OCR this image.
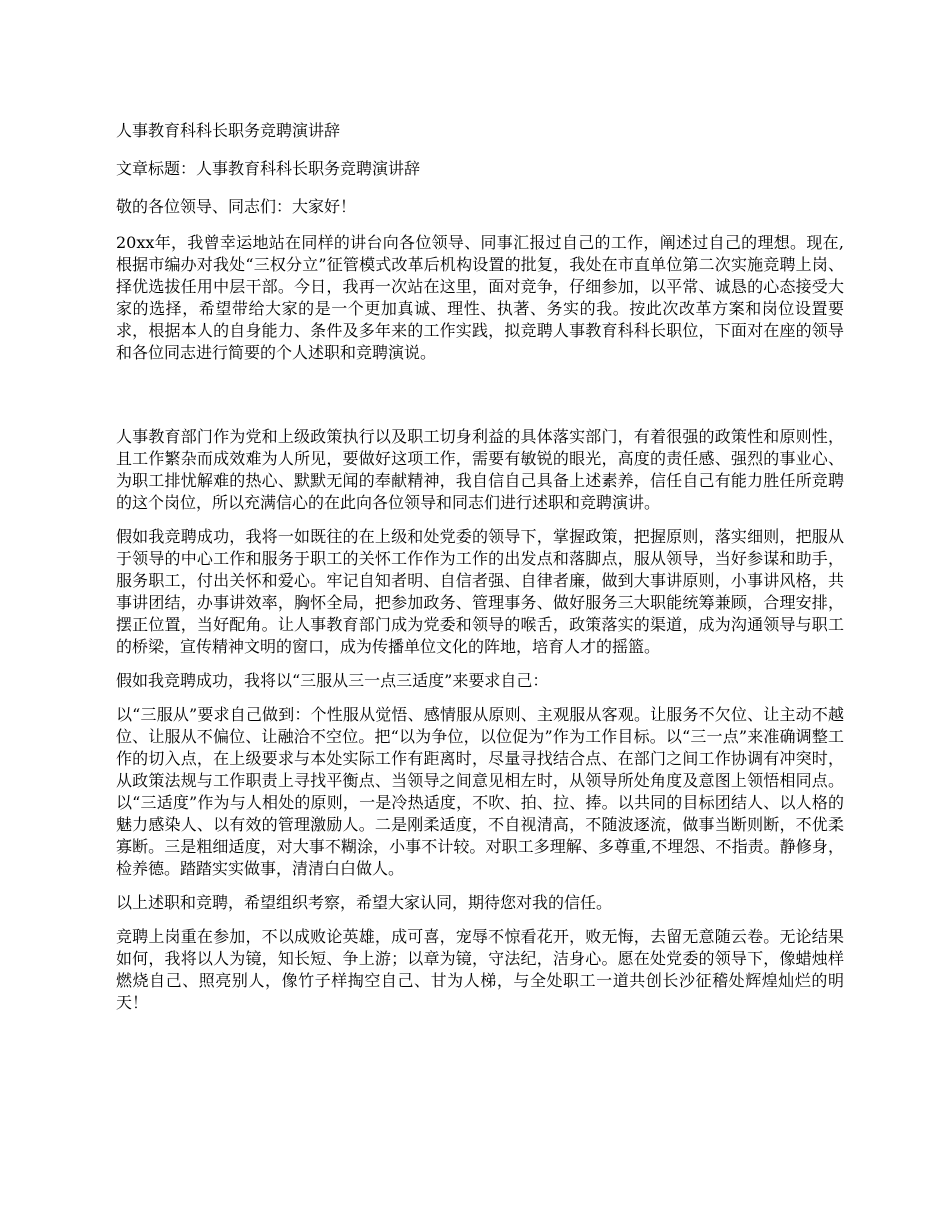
人事教育科科长职务竞聘演讲辞
文章标题：人事教育科科长职务竞聘演讲辞
敬的各位领导、同志们：大家好！

20xx年，我曾幸运地站在同样的讲台向各位领导、同事汇报过自己的工作，阐述过自己的理想。现在,根据市编办对我处“三权分立”征管模式改革后机构设置的批复，我处在市直单位第二次实施竞聘上岗、择优选拔任用中层干部。今日，我再一次站在这里，面对竞争，仔细参加，以平常、诚恳的心态接受大家的选择，希望带给大家的是一个更加真诚、理性、执著、务实的我。按此次改革方案和岗位设置要求，根据本人的自身能力、条件及多年来的工作实践，拟竞聘人事教育科科长职位，下面对在座的领导和各位同志进行简要的个人述职和竞聘演说。

人事教育部门作为党和上级政策执行以及职工切身利益的具体落实部门，有着很强的政策性和原则性，且工作繁杂而成效难为人所见，要做好这项工作，需要有敏锐的眼光，高度的责任感、强烈的事业心、为职工排忧解难的热心、默默无闻的奉献精神，我自信自己具备上述素养，信任自己有能力胜任所竞聘的这个岗位，所以充满信心的在此向各位领导和同志们进行述职和竞聘演讲。

假如我竞聘成功，我将一如既往的在上级和处党委的领导下，掌握政策，把握原则，落实细则，把服从于领导的中心工作和服务于职工的关怀工作作为工作的出发点和落脚点，服从领导，当好参谋和助手，服务职工，付出关怀和爱心。牢记自知者明、自信者强、自律者廉，做到大事讲原则，小事讲风格，共事讲团结，办事讲效率，胸怀全局，把参加政务、管理事务、做好服务三大职能统筹兼顾，合理安排，摆正位置，当好配角。让人事教育部门成为党委和领导的喉舌，政策落实的渠道，成为沟通领导与职工的桥梁，宣传精神文明的窗口，成为传播单位文化的阵地，培育人才的摇篮。

假如我竞聘成功，我将以“三服从三一点三适度”来要求自己：

以“三服从”要求自己做到：个性服从觉悟、感情服从原则、主观服从客观。让服务不欠位、让主动不越位、让服从不偏位、让融洽不空位。把“以为争位，以位促为”作为工作目标。以“三一点”来准确调整工作的切入点，在上级要求与本处实际工作有距离时，尽量寻找结合点、在部门之间工作协调有冲突时，从政策法规与工作职责上寻找平衡点、当领导之间意见相左时，从领导所处角度及意图上领悟相同点。以“三适度”作为与人相处的原则，一是冷热适度，不吹、拍、拉、捧。以共同的目标团结人、以人格的魅力感染人、以有效的管理激励人。二是刚柔适度，不自视清高，不随波逐流，做事当断则断，不优柔寡断。三是粗细适度，对大事不糊涂，小事不计较。对职工多理解、多尊重,不埋怨、不指责。静修身，检养德。踏踏实实做事，清清白白做人。

以上述职和竞聘，希望组织考察，希望大家认同，期待您对我的信任。

竞聘上岗重在参加，不以成败论英雄，成可喜，宠辱不惊看花开，败无悔，去留无意随云卷。无论结果如何，我将以人为镜，知长短、争上游；以章为镜，守法纪，洁身心。愿在处党委的领导下，像蜡烛样燃烧自己、照亮别人，像竹子样掏空自己、甘为人梯，与全处职工一道共创长沙征稽处辉煌灿烂的明天！
